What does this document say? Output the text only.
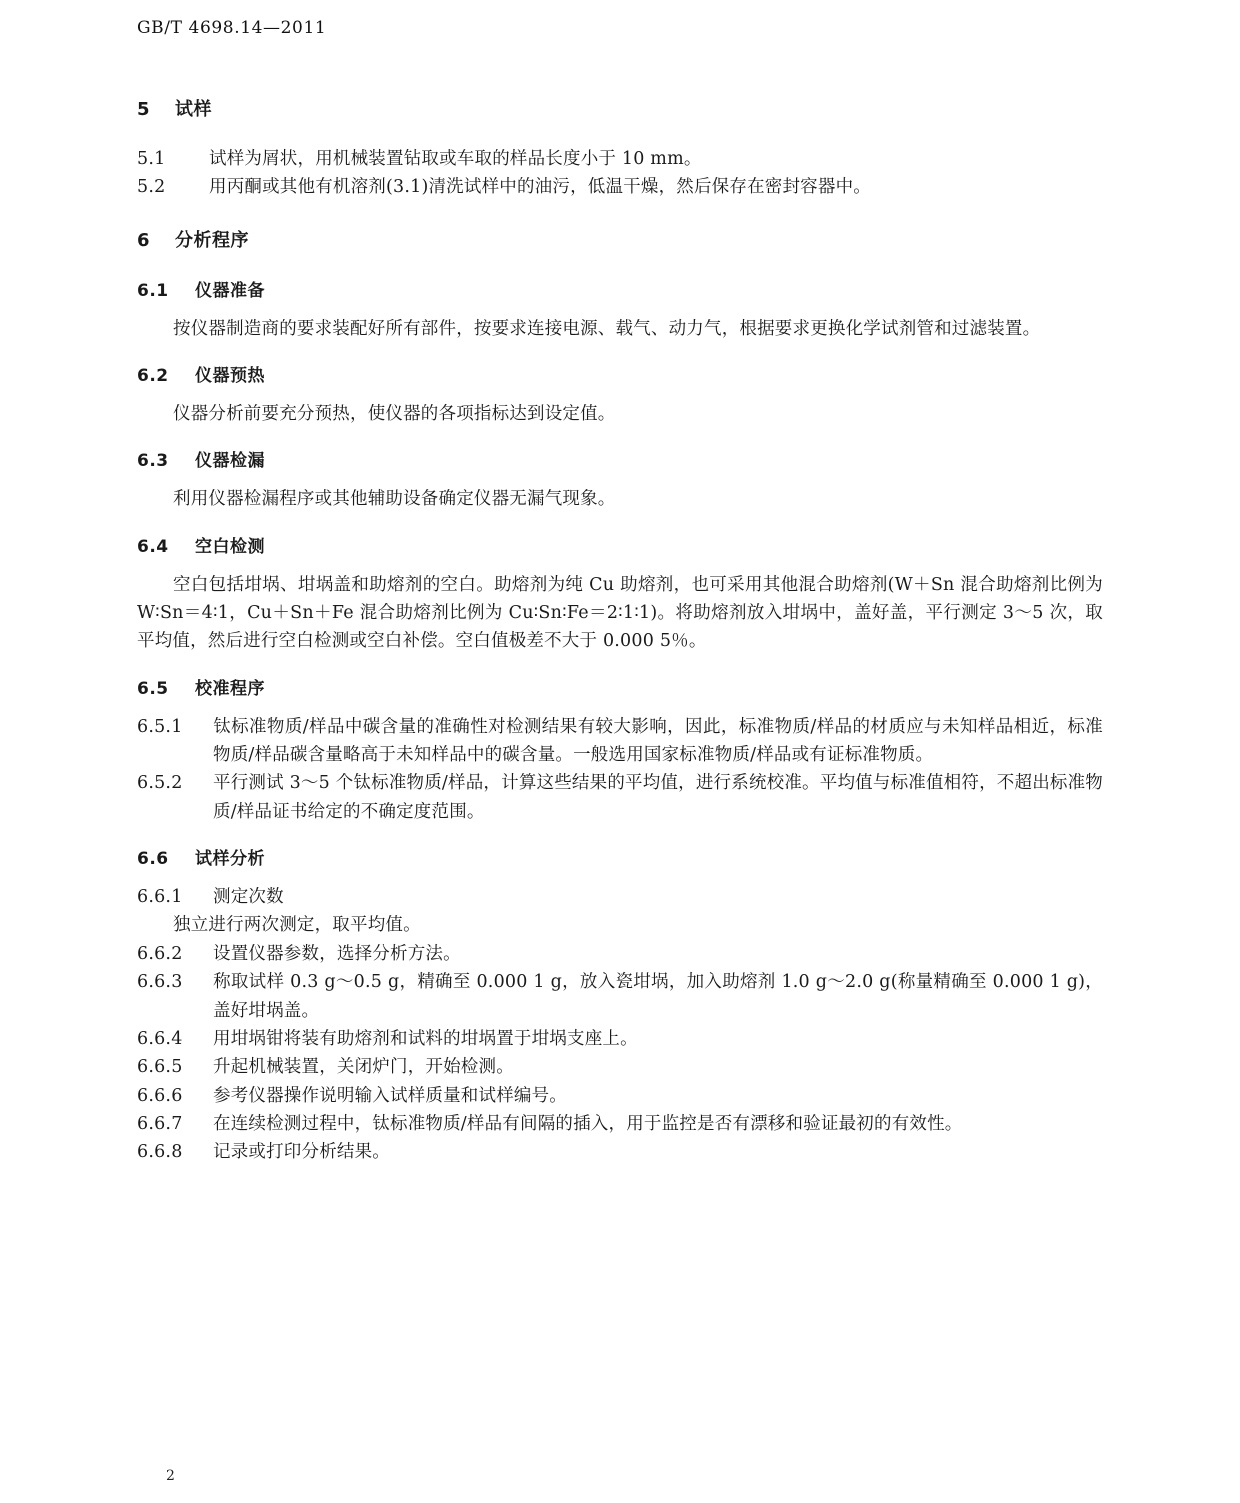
GB/T 4698.14—2011
5 试样
5.1 试样为屑状，用机械装置钻取或车取的样品长度小于 10 mm。
5.2 用丙酮或其他有机溶剂(3.1)清洗试样中的油污，低温干燥，然后保存在密封容器中。
6 分析程序
6.1 仪器准备
按仪器制造商的要求装配好所有部件，按要求连接电源、载气、动力气，根据要求更换化学试剂管和过滤装置。
6.2 仪器预热
仪器分析前要充分预热，使仪器的各项指标达到设定值。
6.3 仪器检漏
利用仪器检漏程序或其他辅助设备确定仪器无漏气现象。
6.4 空白检测
空白包括坩埚、坩埚盖和助熔剂的空白。助熔剂为纯 Cu 助熔剂，也可采用其他混合助熔剂(W＋Sn 混合助熔剂比例为 W∶Sn＝4∶1，Cu＋Sn＋Fe 混合助熔剂比例为 Cu∶Sn∶Fe＝2∶1∶1)。将助熔剂放入坩埚中，盖好盖，平行测定 3～5 次，取平均值，然后进行空白检测或空白补偿。空白值极差不大于 0.000 5％。
6.5 校准程序
6.5.1 钛标准物质/样品中碳含量的准确性对检测结果有较大影响，因此，标准物质/样品的材质应与未知样品相近，标准物质/样品碳含量略高于未知样品中的碳含量。一般选用国家标准物质/样品或有证标准物质。
6.5.2 平行测试 3～5 个钛标准物质/样品，计算这些结果的平均值，进行系统校准。平均值与标准值相符，不超出标准物质/样品证书给定的不确定度范围。
6.6 试样分析
6.6.1 测定次数
独立进行两次测定，取平均值。
6.6.2 设置仪器参数，选择分析方法。
6.6.3 称取试样 0.3 g～0.5 g，精确至 0.000 1 g，放入瓷坩埚，加入助熔剂 1.0 g～2.0 g(称量精确至 0.000 1 g)，盖好坩埚盖。
6.6.4 用坩埚钳将装有助熔剂和试料的坩埚置于坩埚支座上。
6.6.5 升起机械装置，关闭炉门，开始检测。
6.6.6 参考仪器操作说明输入试样质量和试样编号。
6.6.7 在连续检测过程中，钛标准物质/样品有间隔的插入，用于监控是否有漂移和验证最初的有效性。
6.6.8 记录或打印分析结果。
2
